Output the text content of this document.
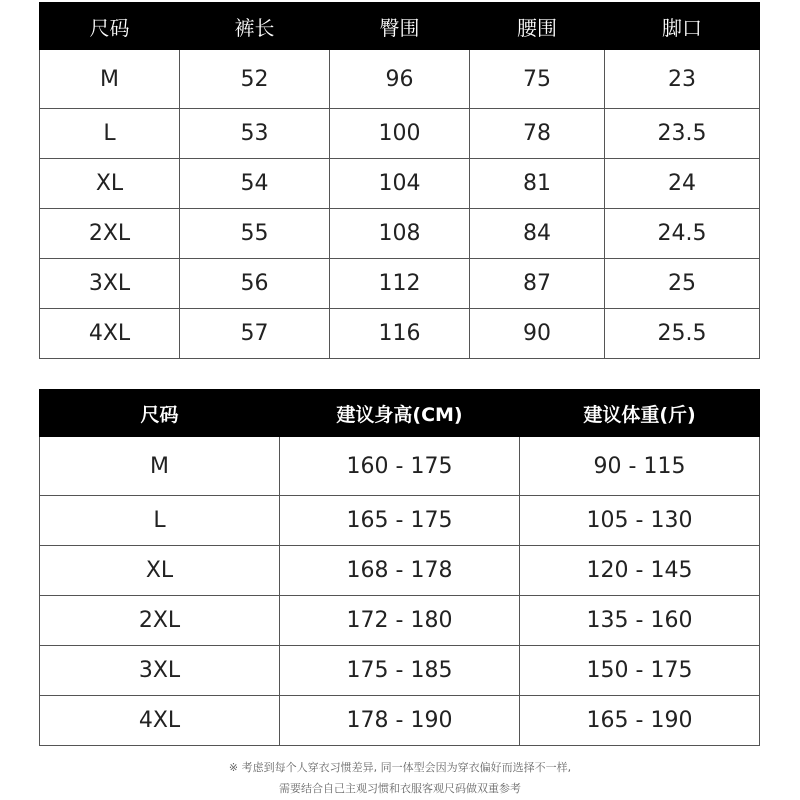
尺码	裤长	臀围	腰围	脚口
M	52	96	75	23
L	53	100	78	23.5
XL	54	104	81	24
2XL	55	108	84	24.5
3XL	56	112	87	25
4XL	57	116	90	25.5
尺码	建议身高(CM)	建议体重(斤)
M	160 - 175	90 - 115
L	165 - 175	105 - 130
XL	168 - 178	120 - 145
2XL	172 - 180	135 - 160
3XL	175 - 185	150 - 175
4XL	178 - 190	165 - 190
※ 考虑到每个人穿衣习惯差异, 同一体型会因为穿衣偏好而选择不一样,
需要结合自己主观习惯和衣服客观尺码做双重参考
